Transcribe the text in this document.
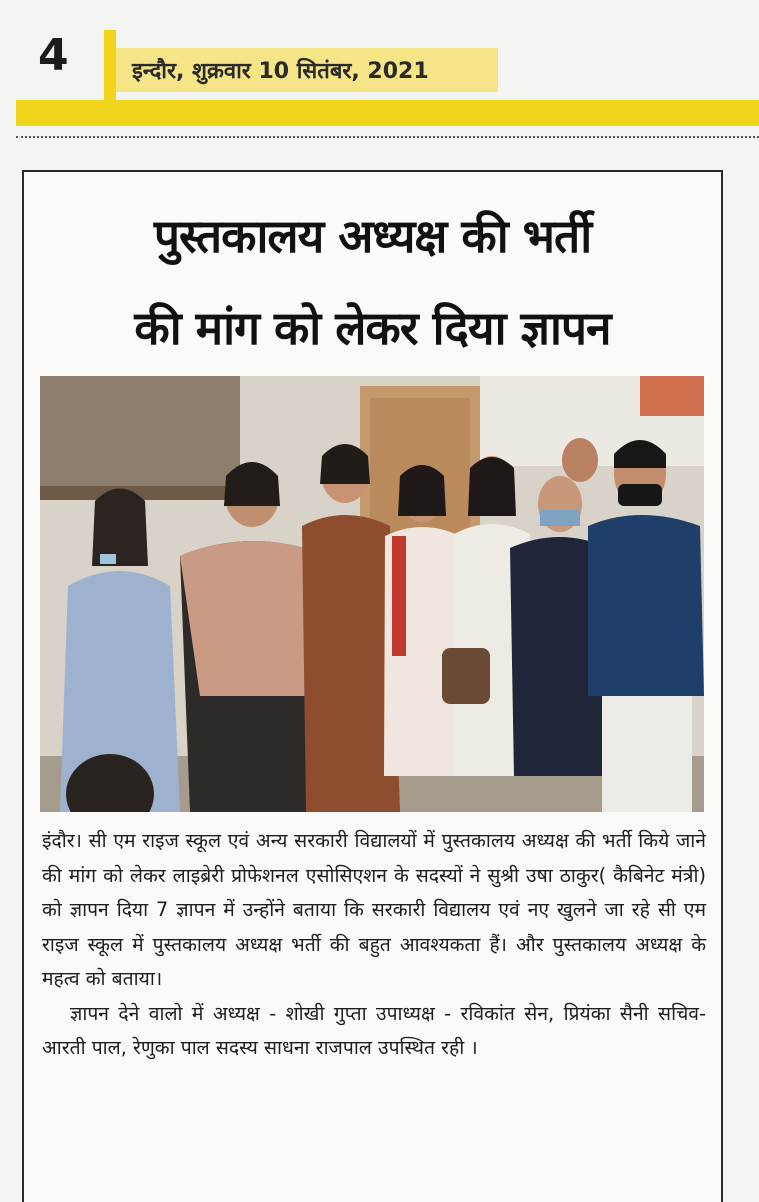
4	इन्दौर, शुक्रवार 10 सितंबर, 2021
पुस्तकालय अध्यक्ष की भर्ती
की मांग को लेकर दिया ज्ञापन

इंदौर। सी एम राइज स्कूल एवं अन्य सरकारी विद्यालयों में पुस्तकालय अध्यक्ष की भर्ती किये जाने की मांग को लेकर लाइब्रेरी प्रोफेशनल एसोसिएशन के सदस्यों ने सुश्री उषा ठाकुर( कैबिनेट मंत्री) को ज्ञापन दिया 7 ज्ञापन में उन्होंने बताया कि सरकारी विद्यालय एवं नए खुलने जा रहे सी एम राइज स्कूल में पुस्तकालय अध्यक्ष भर्ती की बहुत आवश्यकता हैं। और पुस्तकालय अध्यक्ष के महत्व को बताया।

ज्ञापन देने वालो में अध्यक्ष - शोखी गुप्ता उपाध्यक्ष - रविकांत सेन, प्रियंका सैनी सचिव- आरती पाल, रेणुका पाल सदस्य साधना राजपाल उपस्थित रही ।
